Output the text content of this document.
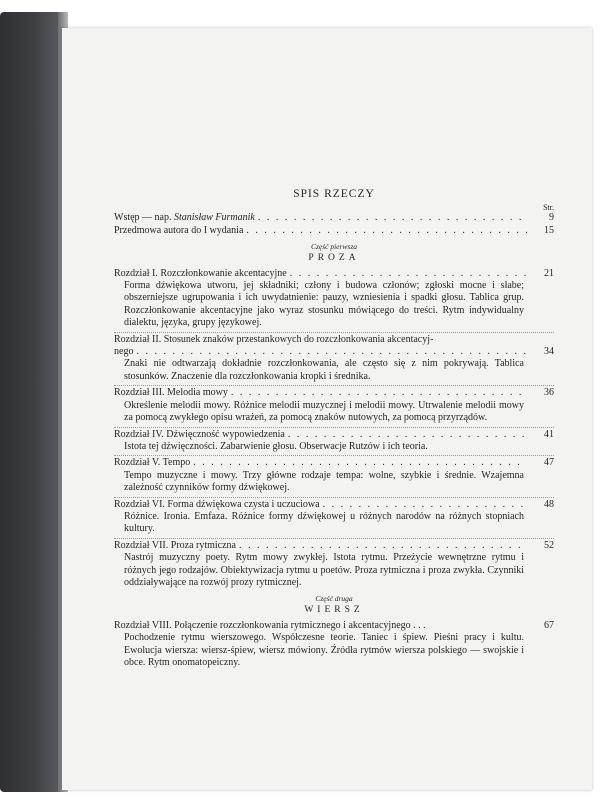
SPIS RZECZY
Str.
Wstęp — nap. Stanisław Furmanik . . .	9
Przedmowa autora do I wydania . . .	15
Część pierwsza
PROZA
Rozdział I. Rozczłonkowanie akcentacyjne . . .	21
Forma dźwiękowa utworu, jej składniki; człony i budowa członów; zgłoski mocne i słabe; obszerniejsze ugrupowania i ich uwydatnienie: pauzy, wzniesienia i spadki głosu. Tablica grup. Rozczłonkowanie akcentacyjne jako wyraz stosunku mówiącego do treści. Rytm indywidualny dialektu, języka, grupy językowej.
Rozdział II. Stosunek znaków przestankowych do rozczłonkowania akcentacyj-
nego . . .	34
Znaki nie odtwarzają dokładnie rozczłonkowania, ale często się z nim pokrywają. Tablica stosunków. Znaczenie dla rozczłonkowania kropki i średnika.
Rozdział III. Melodia mowy . . .	36
Określenie melodii mowy. Różnice melodii muzycznej i melodii mowy. Utrwalenie melodii mowy za pomocą zwykłego opisu wrażeń, za pomocą znaków nutowych, za pomocą przyrządów.
Rozdział IV. Dźwięczność wypowiedzenia . . .	41
Istota tej dźwięczności. Zabarwienie głosu. Obserwacje Rutzów i ich teoria.
Rozdział V. Tempo . . .	47
Tempo muzyczne i mowy. Trzy główne rodzaje tempa: wolne, szybkie i średnie. Wzajemna zależność czynników formy dźwiękowej.
Rozdział VI. Forma dźwiękowa czysta i uczuciowa . . .	48
Różnice. Ironia. Emfaza. Różnice formy dźwiękowej u różnych narodów na różnych stopniach kultury.
Rozdział VII. Proza rytmiczna . . .	52
Nastrój muzyczny poety. Rytm mowy zwykłej. Istota rytmu. Przeżycie wewnętrzne rytmu i różnych jego rodzajów. Obiektywizacja rytmu u poetów. Proza rytmiczna i proza zwykła. Czynniki oddziaływające na rozwój prozy rytmicznej.
Część druga
WIERSZ
Rozdział VIII. Połączenie rozczłonkowania rytmicznego i akcentacyjnego . . .	67
Pochodzenie rytmu wierszowego. Współczesne teorie. Taniec i śpiew. Pieśni pracy i kultu. Ewolucja wiersza: wiersz-śpiew, wiersz mówiony. Źródła rytmów wiersza polskiego — swojskie i obce. Rytm onomatopeiczny.
